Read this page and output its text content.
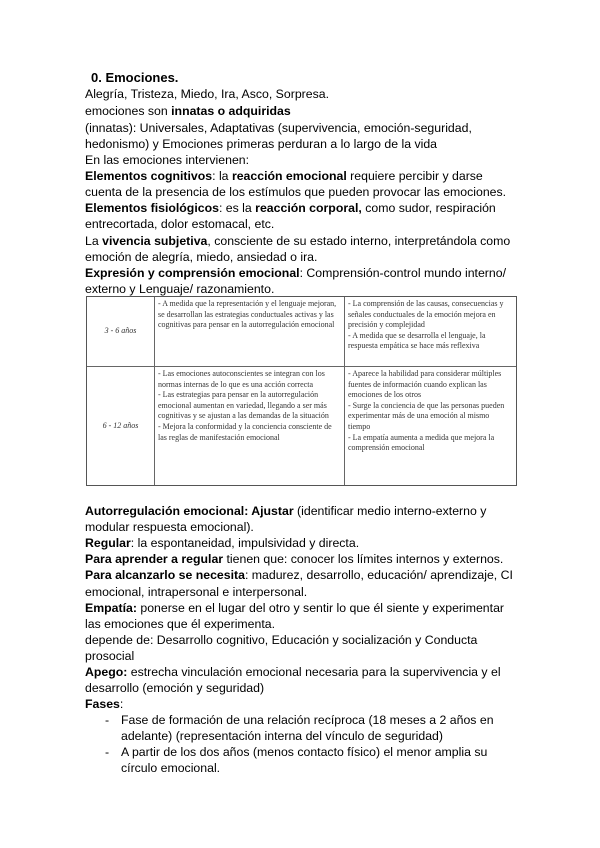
0. Emociones.
Alegría, Tristeza, Miedo, Ira, Asco, Sorpresa.
emociones son innatas o adquiridas
(innatas): Universales, Adaptativas (supervivencia, emoción-seguridad,
hedonismo) y Emociones primeras perduran a lo largo de la vida
En las emociones intervienen:
Elementos cognitivos: la reacción emocional requiere percibir y darse
cuenta de la presencia de los estímulos que pueden provocar las emociones.
Elementos fisiológicos: es la reacción corporal, como sudor, respiración
entrecortada, dolor estomacal, etc.
La vivencia subjetiva, consciente de su estado interno, interpretándola como
emoción de alegría, miedo, ansiedad o ira.
Expresión y comprensión emocional: Comprensión-control mundo interno/
externo y Lenguaje/ razonamiento.
3 - 6 años
- A medida que la representación y el lenguaje mejoran, se desarrollan las estrategias conductuales activas y las cognitivas para pensar en la autorregulación emocional
- La comprensión de las causas, consecuencias y señales conductuales de la emoción mejora en precisión y complejidad
- A medida que se desarrolla el lenguaje, la respuesta empática se hace más reflexiva
6 - 12 años
- Las emociones autoconscientes se integran con los normas internas de lo que es una acción correcta
- Las estrategias para pensar en la autorregulación emocional aumentan en variedad, llegando a ser más cognitivas y se ajustan a las demandas de la situación
- Mejora la conformidad y la conciencia consciente de las reglas de manifestación emocional
- Aparece la habilidad para considerar múltiples fuentes de información cuando explican las emociones de los otros
- Surge la conciencia de que las personas pueden experimentar más de una emoción al mismo tiempo
- La empatía aumenta a medida que mejora la comprensión emocional
Autorregulación emocional: Ajustar (identificar medio interno-externo y
modular respuesta emocional).
Regular: la espontaneidad, impulsividad y directa.
Para aprender a regular tienen que: conocer los límites internos y externos.
Para alcanzarlo se necesita: madurez, desarrollo, educación/ aprendizaje, CI
emocional, intrapersonal e interpersonal.
Empatía: ponerse en el lugar del otro y sentir lo que él siente y experimentar
las emociones que él experimenta.
depende de: Desarrollo cognitivo, Educación y socialización y Conducta
prosocial
Apego: estrecha vinculación emocional necesaria para la supervivencia y el
desarrollo (emoción y seguridad)
Fases:
- Fase de formación de una relación recíproca (18 meses a 2 años en
adelante) (representación interna del vínculo de seguridad)
- A partir de los dos años (menos contacto físico) el menor amplia su
círculo emocional.
